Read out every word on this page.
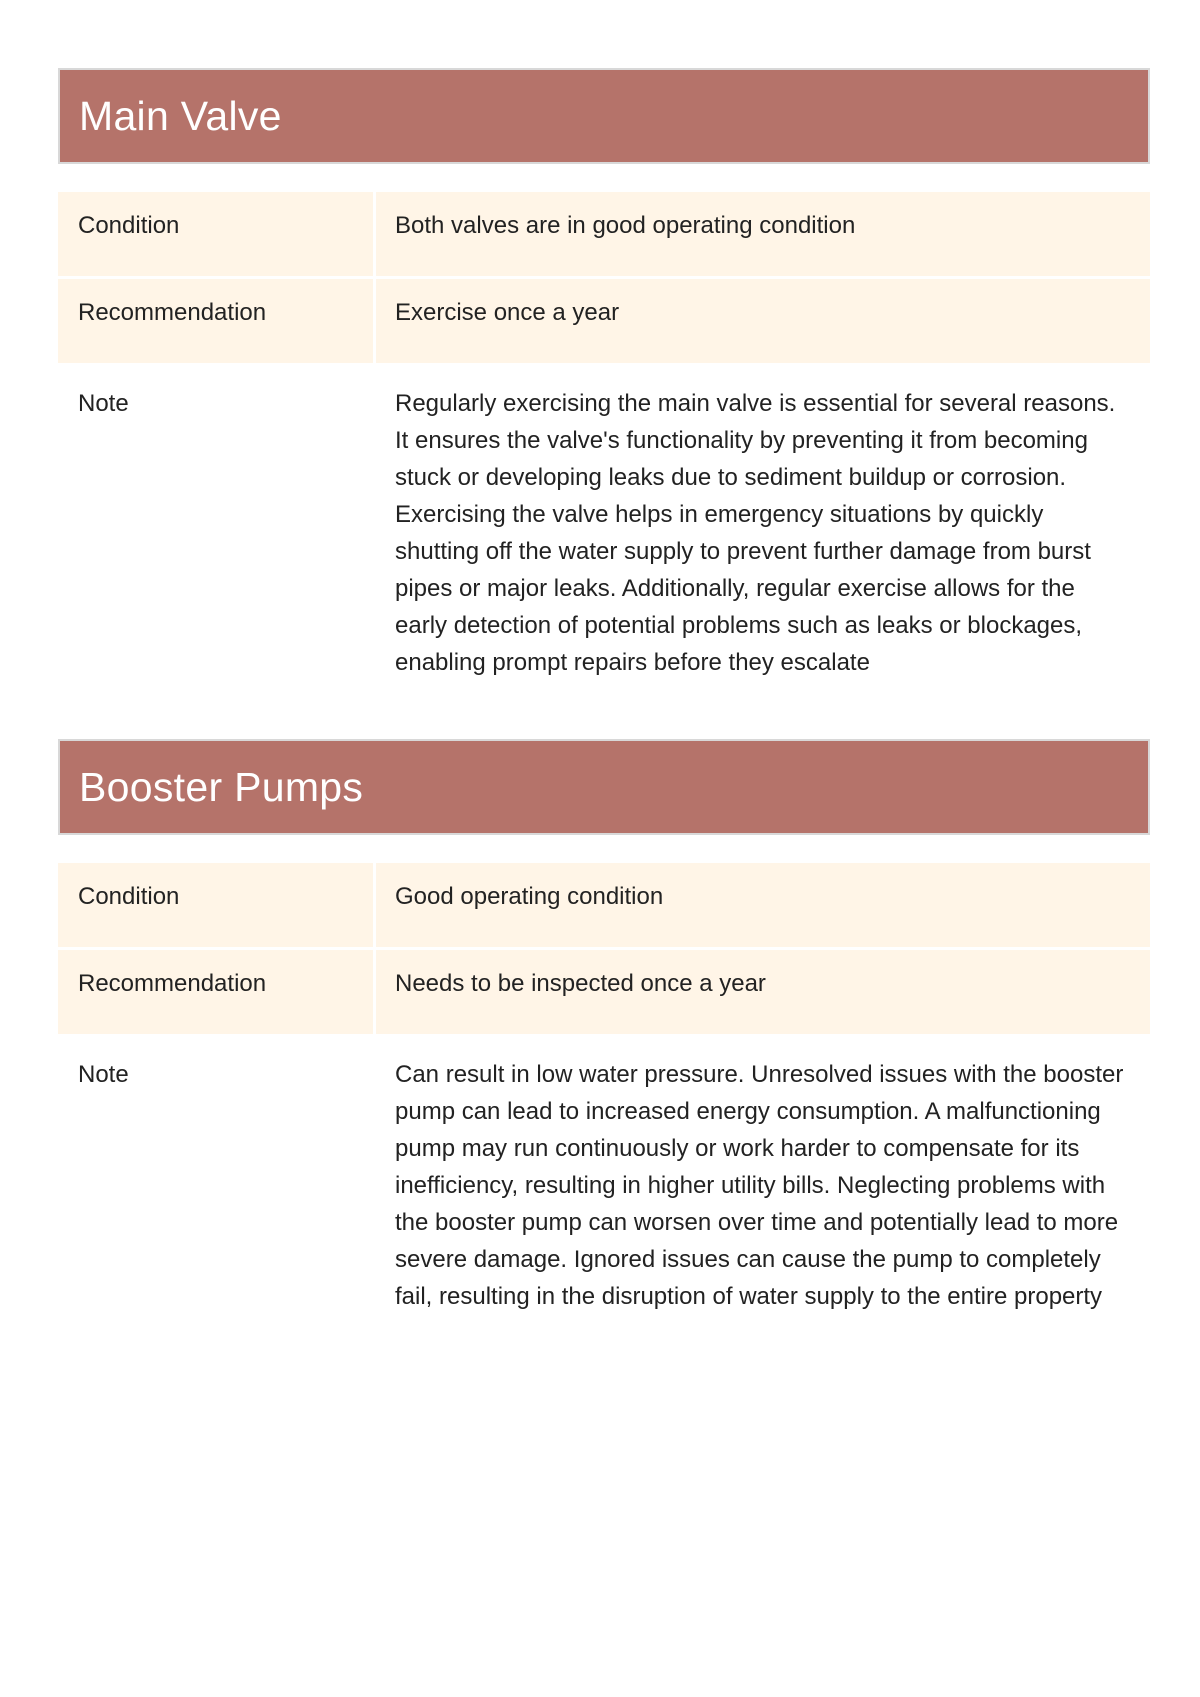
Main Valve
Condition	Both valves are in good operating condition
Recommendation	Exercise once a year
Note	Regularly exercising the main valve is essential for several reasons. It ensures the valve's functionality by preventing it from becoming stuck or developing leaks due to sediment buildup or corrosion. Exercising the valve helps in emergency situations by quickly shutting off the water supply to prevent further damage from burst pipes or major leaks. Additionally, regular exercise allows for the early detection of potential problems such as leaks or blockages, enabling prompt repairs before they escalate
Booster Pumps
Condition	Good operating condition
Recommendation	Needs to be inspected once a year
Note	Can result in low water pressure. Unresolved issues with the booster pump can lead to increased energy consumption. A malfunctioning pump may run continuously or work harder to compensate for its inefficiency, resulting in higher utility bills. Neglecting problems with the booster pump can worsen over time and potentially lead to more severe damage. Ignored issues can cause the pump to completely fail, resulting in the disruption of water supply to the entire property
